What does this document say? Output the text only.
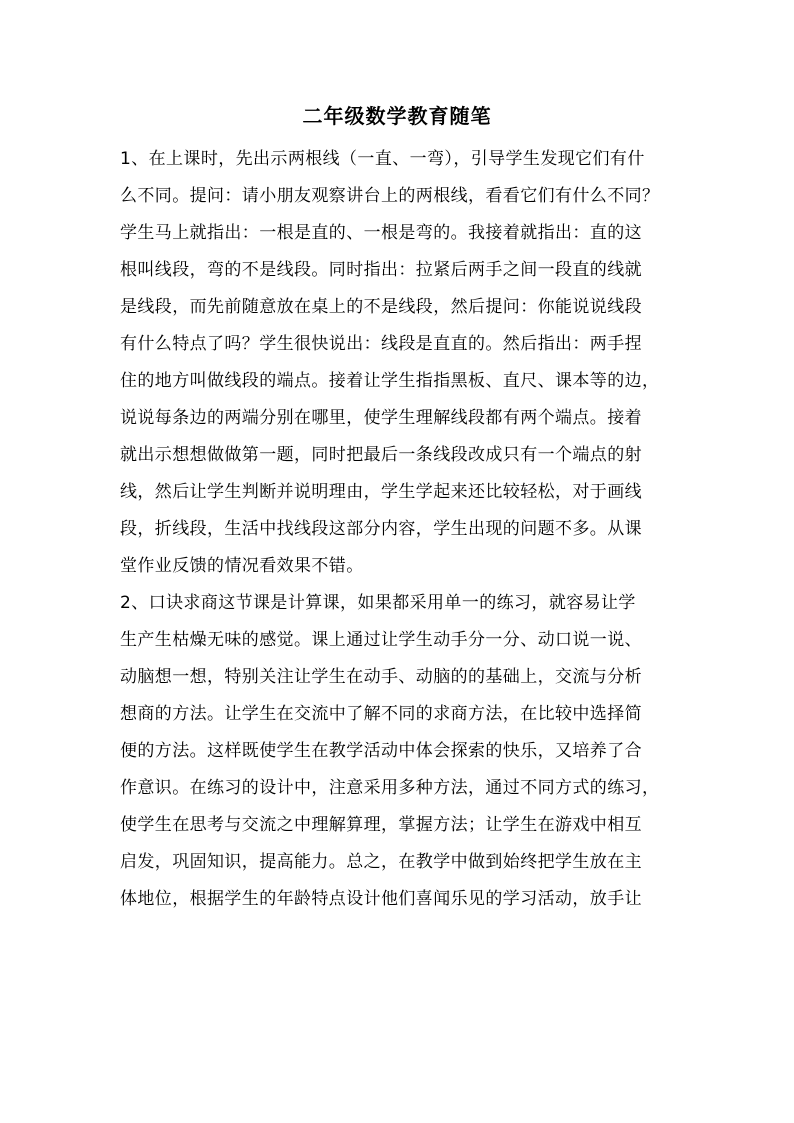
二年级数学教育随笔
1、在上课时，先出示两根线（一直、一弯），引导学生发现它们有什
么不同。提问：请小朋友观察讲台上的两根线，看看它们有什么不同？
学生马上就指出：一根是直的、一根是弯的。我接着就指出：直的这
根叫线段，弯的不是线段。同时指出：拉紧后两手之间一段直的线就
是线段，而先前随意放在桌上的不是线段，然后提问：你能说说线段
有什么特点了吗？学生很快说出：线段是直直的。然后指出：两手捏
住的地方叫做线段的端点。接着让学生指指黑板、直尺、课本等的边，
说说每条边的两端分别在哪里，使学生理解线段都有两个端点。接着
就出示想想做做第一题，同时把最后一条线段改成只有一个端点的射
线，然后让学生判断并说明理由，学生学起来还比较轻松，对于画线
段，折线段，生活中找线段这部分内容，学生出现的问题不多。从课
堂作业反馈的情况看效果不错。
2、口诀求商这节课是计算课，如果都采用单一的练习，就容易让学
生产生枯燥无味的感觉。课上通过让学生动手分一分、动口说一说、
动脑想一想，特别关注让学生在动手、动脑的的基础上，交流与分析
想商的方法。让学生在交流中了解不同的求商方法，在比较中选择简
便的方法。这样既使学生在教学活动中体会探索的快乐，又培养了合
作意识。在练习的设计中，注意采用多种方法，通过不同方式的练习，
使学生在思考与交流之中理解算理，掌握方法；让学生在游戏中相互
启发，巩固知识，提高能力。总之，在教学中做到始终把学生放在主
体地位，根据学生的年龄特点设计他们喜闻乐见的学习活动，放手让
